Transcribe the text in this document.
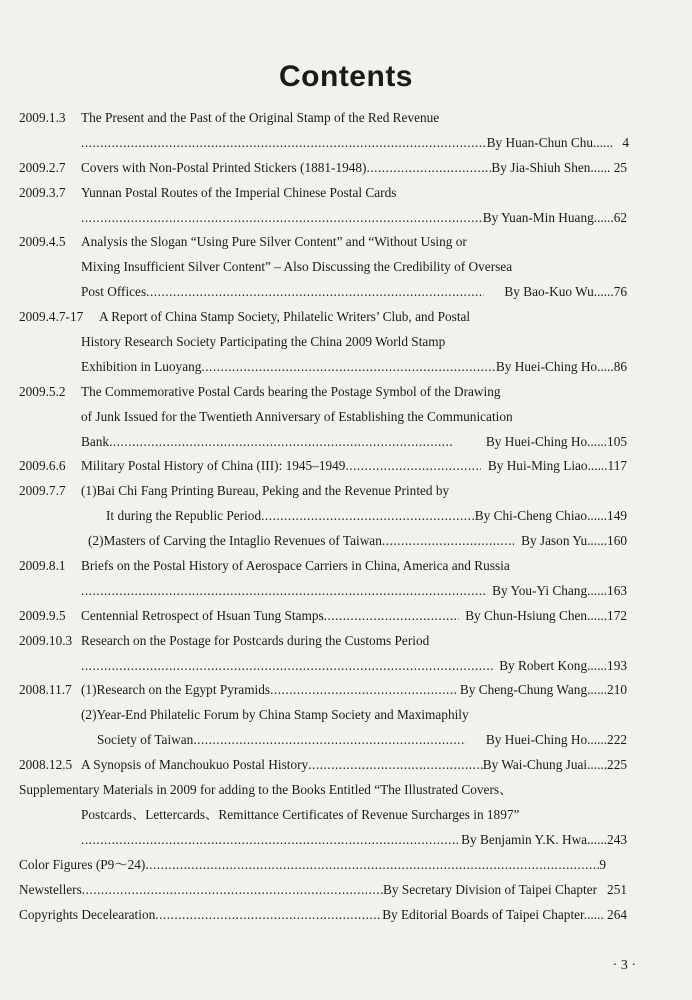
Contents
2009.1.3 The Present and the Past of the Original Stamp of the Red Revenue
.....
By Huan-Chun Chu...... 4
2009.2.7 Covers with Non-Postal Printed Stickers (1881-1948) .....	By Jia-Shiuh Shen...... 25
2009.3.7 Yunnan Postal Routes of the Imperial Chinese Postal Cards
.....
By Yuan-Min Huang......62
2009.4.5 Analysis the Slogan “Using Pure Silver Content” and “Without Using or
Mixing Insufficient Silver Content” – Also Discussing the Credibility of Oversea
Post Offices .....	By Bao-Kuo Wu......76
2009.4.7-17 A Report of China Stamp Society, Philatelic Writers’ Club, and Postal
History Research Society Participating the China 2009 World Stamp
Exhibition in Luoyang .....	By Huei-Ching Ho.....86
2009.5.2 The Commemorative Postal Cards bearing the Postage Symbol of the Drawing
of Junk Issued for the Twentieth Anniversary of Establishing the Communication
Bank .....	By Huei-Ching Ho......105
2009.6.6 Military Postal History of China (III): 1945–1949 .....	By Hui-Ming Liao......117
2009.7.7 (1)Bai Chi Fang Printing Bureau, Peking and the Revenue Printed by
It during the Republic Period .....	By Chi-Cheng Chiao......149
(2)Masters of Carving the Intaglio Revenues of Taiwan .....	By Jason Yu......160
2009.8.1 Briefs on the Postal History of Aerospace Carriers in China, America and Russia
.....
By You-Yi Chang......163
2009.9.5 Centennial Retrospect of Hsuan Tung Stamps .....	By Chun-Hsiung Chen......172
2009.10.3 Research on the Postage for Postcards during the Customs Period
.....
By Robert Kong......193
2008.11.7 (1)Research on the Egypt Pyramids .....	By Cheng-Chung Wang......210
(2)Year-End Philatelic Forum by China Stamp Society and Maximaphily
Society of Taiwan .....	By Huei-Ching Ho......222
2008.12.5 A Synopsis of Manchoukuo Postal History .....	By Wai-Chung Juai......225
Supplementary Materials in 2009 for adding to the Books Entitled “The Illustrated Covers、
Postcards、Lettercards、Remittance Certificates of Revenue Surcharges in 1897”
.....
By Benjamin Y.K. Hwa......243
Color Figures (P9～24) .....	9
Newstellers .....	By Secretary Division of Taipei Chapter 251
Copyrights Decelearation .....	By Editorial Boards of Taipei Chapter...... 264
· 3 ·
